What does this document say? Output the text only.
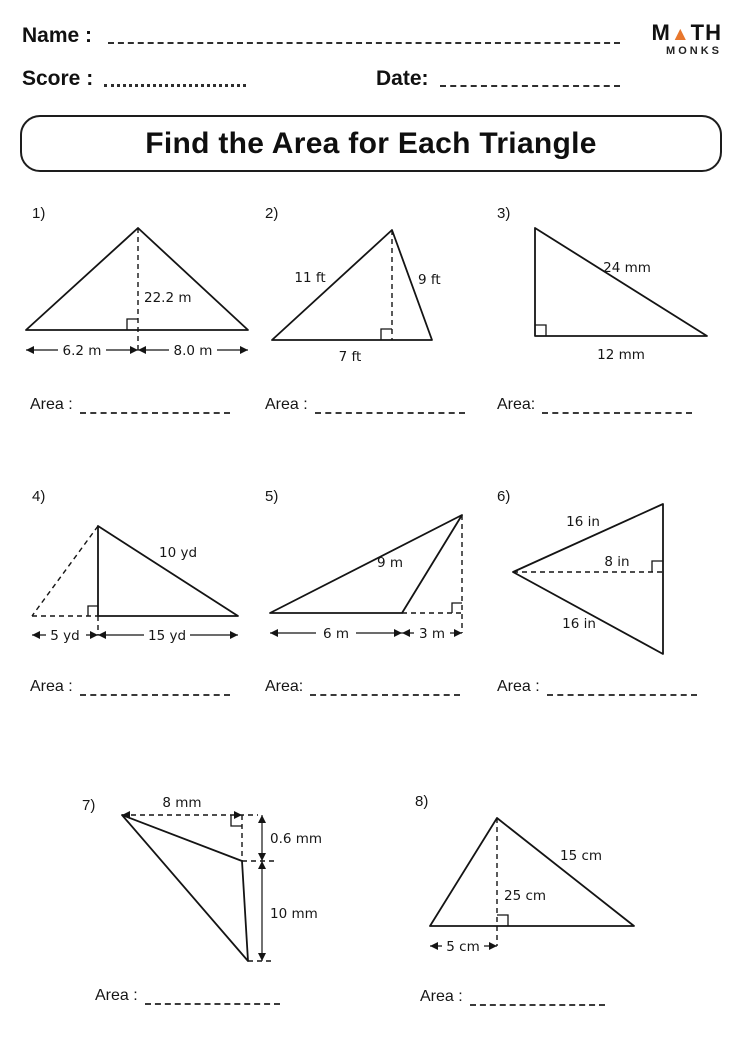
Name :
Score :	Date:
M▲TH
MONKS
Find the Area for Each Triangle
1)
22.2 m
6.2 m	8.0 m
Area :
2)
11 ft	9 ft
7 ft
Area :
3)
24 mm
12 mm
Area:
4)
10 yd
5 yd	15 yd
Area :
5)
9 m
6 m	3 m
Area:
6)
16 in
8 in
16 in
Area :
7)	8 mm
0.6 mm
10 mm
Area :
8)
25 cm
15 cm
5 cm
Area :
